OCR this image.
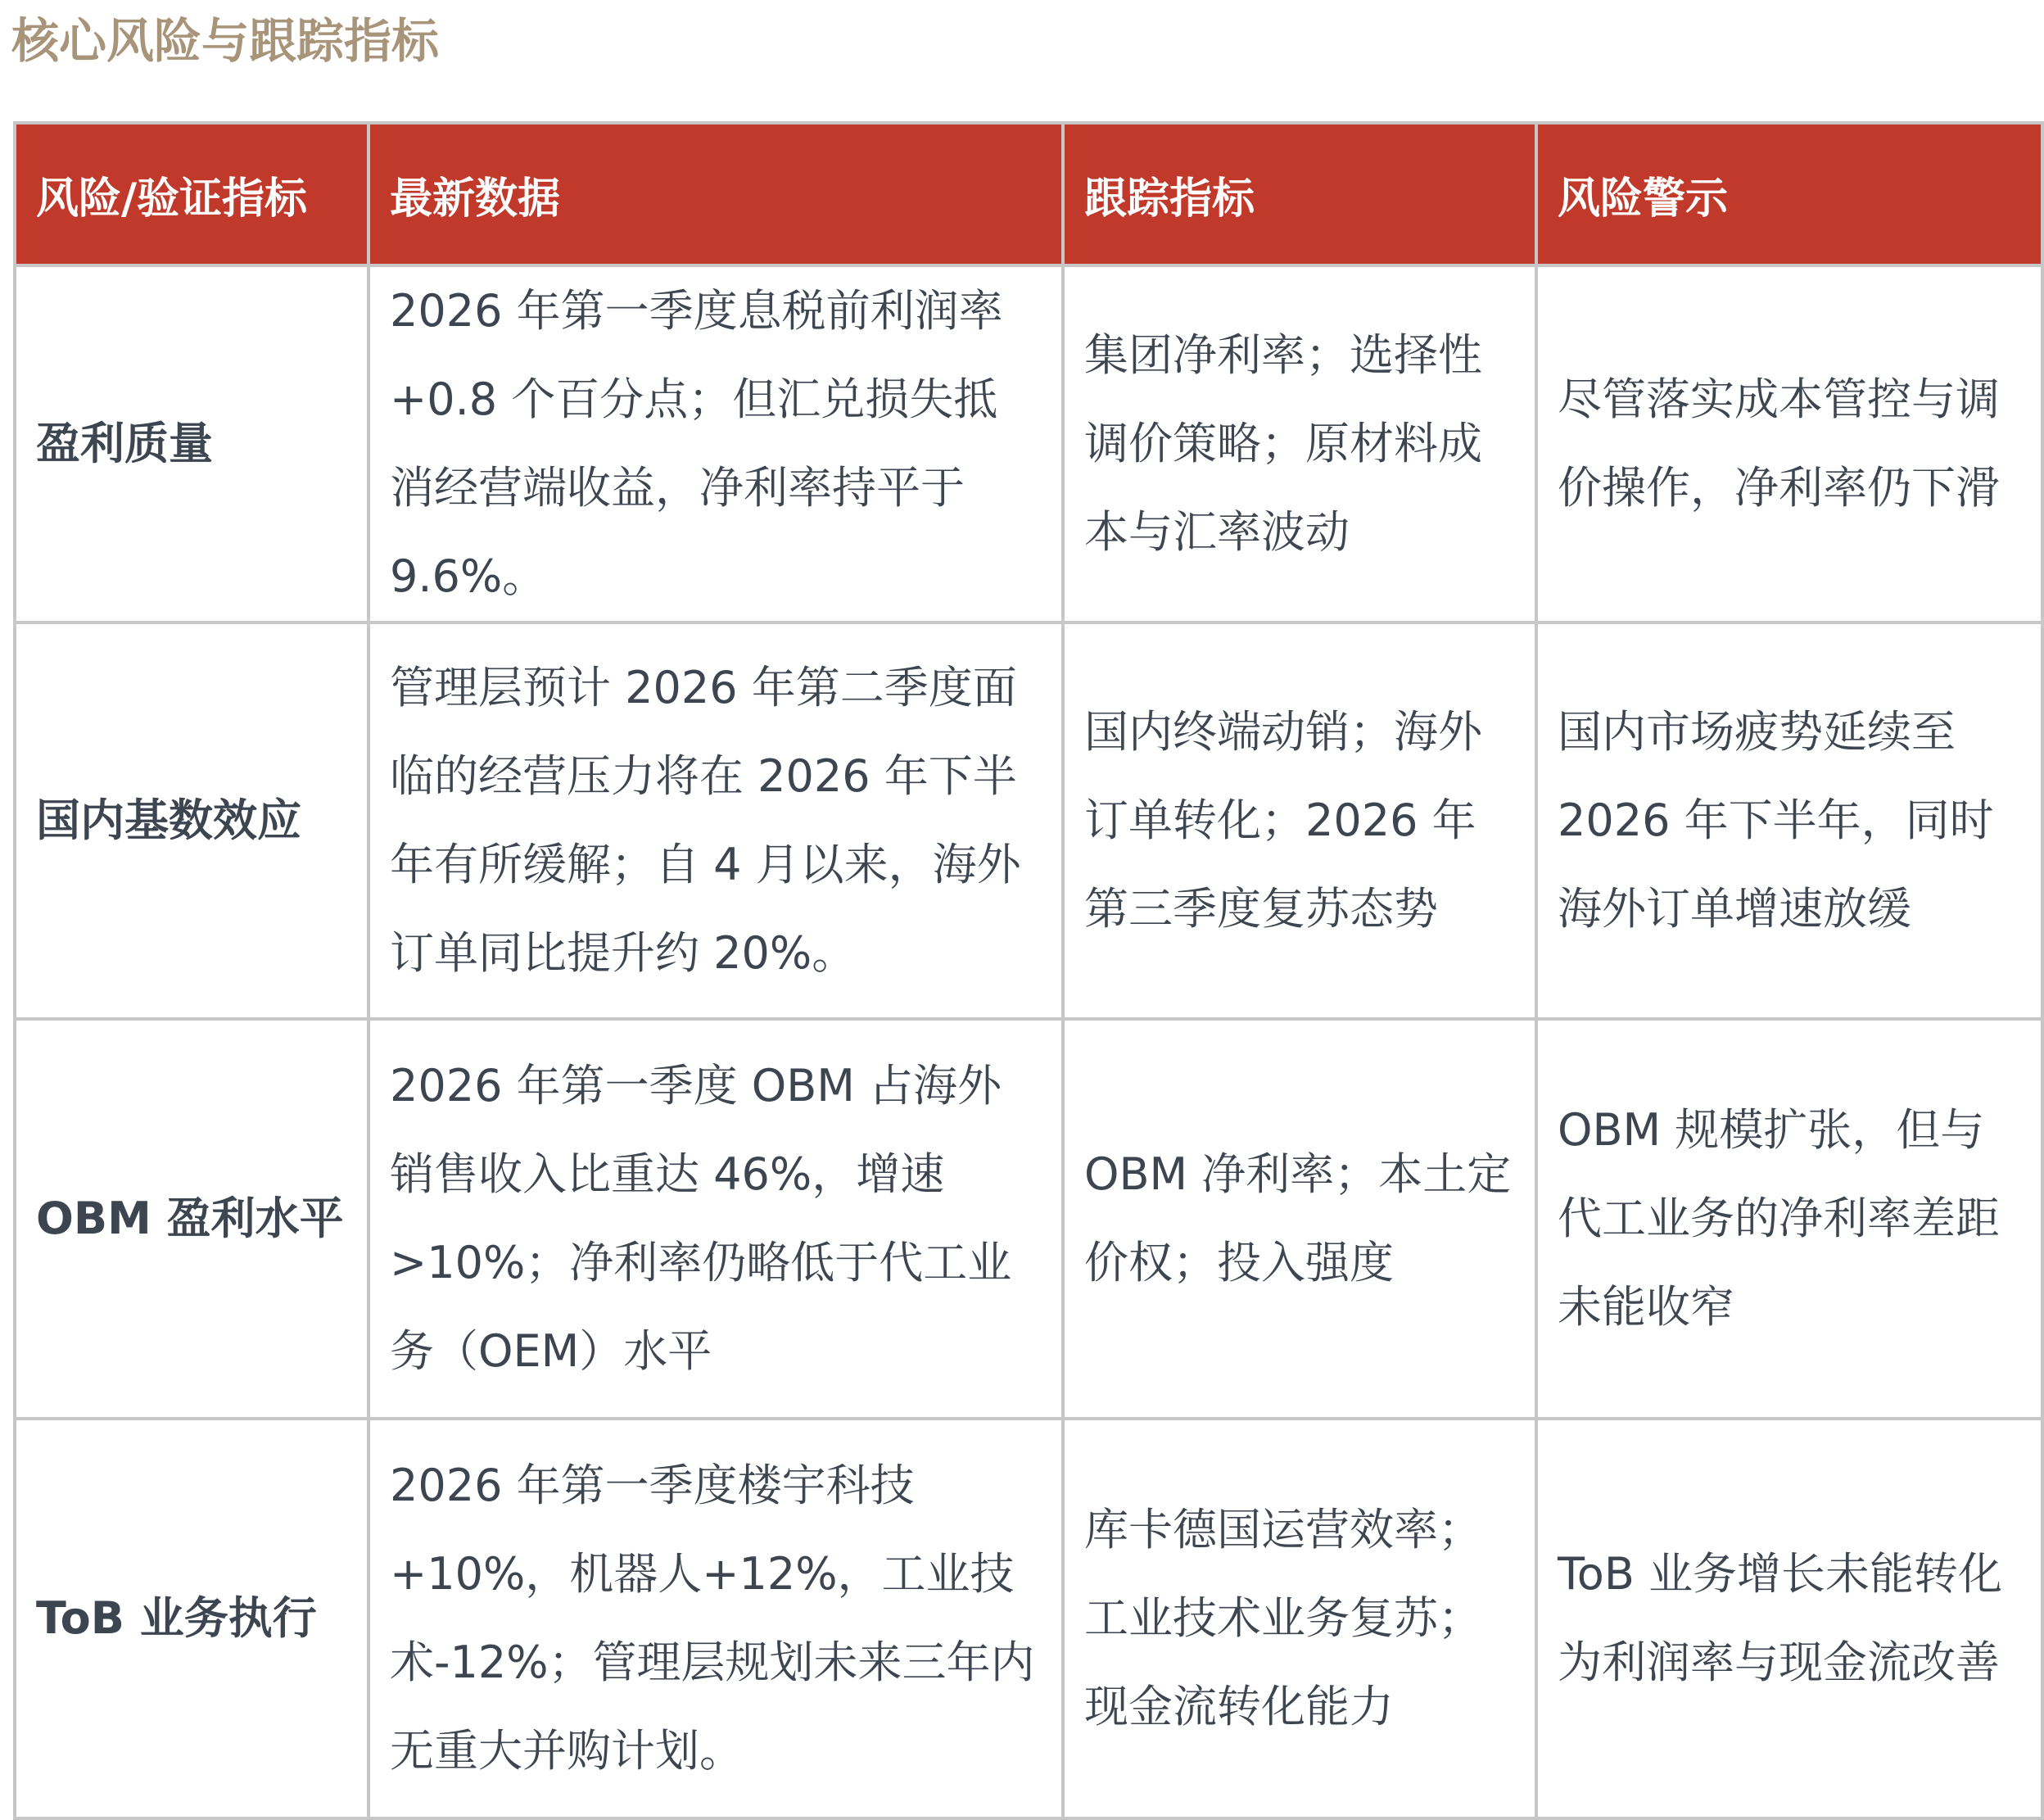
核心风险与跟踪指标
风险/验证指标	最新数据	跟踪指标	风险警示
盈利质量	2026 年第一季度息税前利润率+0.8 个百分点；但汇兑损失抵消经营端收益，净利率持平于 9.6%。	集团净利率；选择性调价策略；原材料成本与汇率波动	尽管落实成本管控与调价操作，净利率仍下滑
国内基数效应	管理层预计 2026 年第二季度面临的经营压力将在 2026 年下半年有所缓解；自 4 月以来，海外订单同比提升约 20%。	国内终端动销；海外订单转化；2026 年第三季度复苏态势	国内市场疲势延续至 2026 年下半年，同时海外订单增速放缓
OBM 盈利水平	2026 年第一季度 OBM 占海外销售收入比重达 46%，增速>10%；净利率仍略低于代工业务（OEM）水平	OBM 净利率；本土定价权；投入强度	OBM 规模扩张，但与代工业务的净利率差距未能收窄
ToB 业务执行	2026 年第一季度楼宇科技+10%，机器人+12%，工业技术-12%；管理层规划未来三年内无重大并购计划。	库卡德国运营效率；工业技术业务复苏；现金流转化能力	ToB 业务增长未能转化为利润率与现金流改善
